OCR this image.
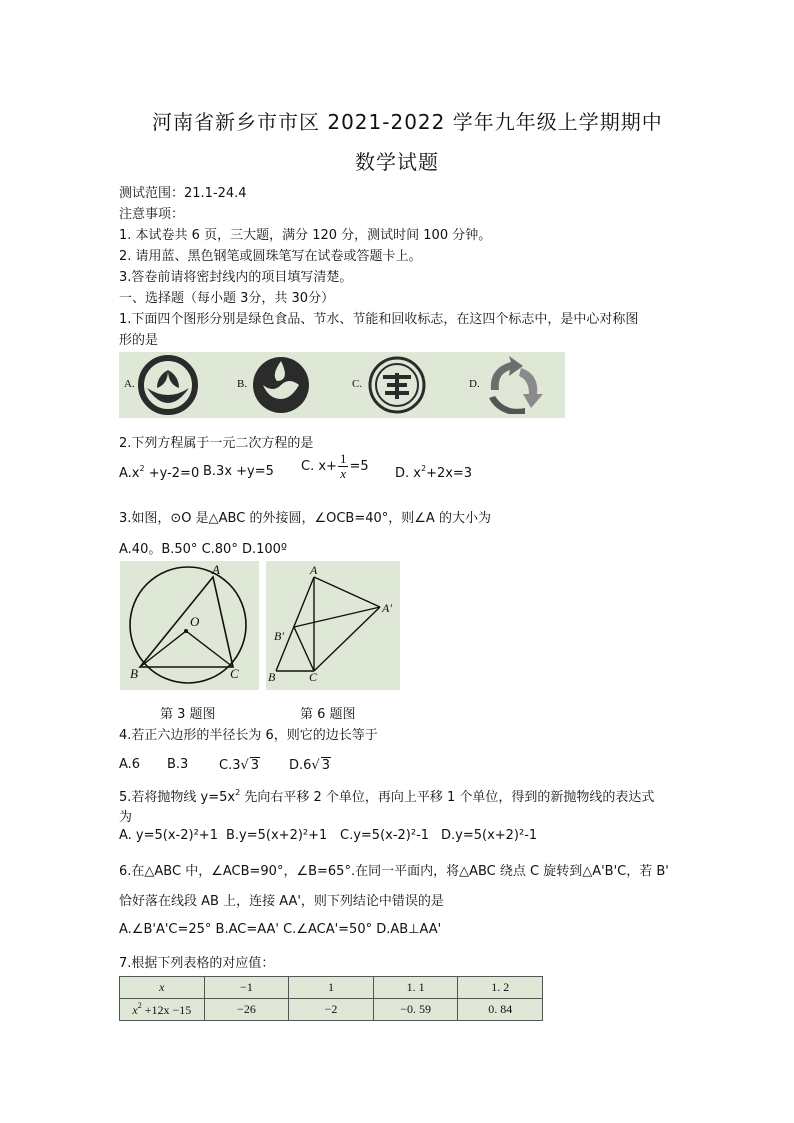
河南省新乡市市区 2021-2022 学年九年级上学期期中
数学试题
测试范围：21.1-24.4
注意事项：
1. 本试卷共 6 页，三大题，满分 120 分，测试时间 100 分钟。
2. 请用蓝、黑色钢笔或圆珠笔写在试卷或答题卡上。
3.答卷前请将密封线内的项目填写清楚。
一、选择题（每小题 3分，共 30分）
1.下面四个图形分别是绿色食品、节水、节能和回收标志，在这四个标志中，是中心对称图
形的是
A.	B.	C.	D.
2.下列方程属于一元二次方程的是
$A.x^2 +y-2=0$ B.3x +y=5 C. $x+ \frac{1}{x} =5$ D. $x^2+2x=3$
3.如图，⊙O 是△ABC 的外接圆，∠OCB=40°，则∠A 的大小为
A.40。B.50° C.80° D.100º
A
O
B	C
A
A'
B'
B	C
第 3 题图	第 6 题图
4.若正六边形的半径长为 6，则它的边长等于
A.6 B.3 C.3√ 3 D.6√ 3
5.若将抛物线 $y=5x^2$ 先向右平移 2 个单位，再向上平移 1 个单位，得到的新抛物线的表达式
为
A. y=5(x-2)²+1 B.y=5(x+2)²+1 C.y=5(x-2)²-1 D.y=5(x+2)²-1
6.在△ABC 中，∠ACB=90°，∠B=65°.在同一平面内，将△ABC 绕点 C 旋转到△A'B'C，若 B'
恰好落在线段 AB 上，连接 AA'，则下列结论中错误的是
A.∠B'A'C=25° B.AC=AA' C.∠ACA'=50° D.AB⊥AA'
7.根据下列表格的对应值：
x	−1	1	1. 1	1. 2
$x^2 +12x -15$	−26	−2	−0. 59	0. 84
